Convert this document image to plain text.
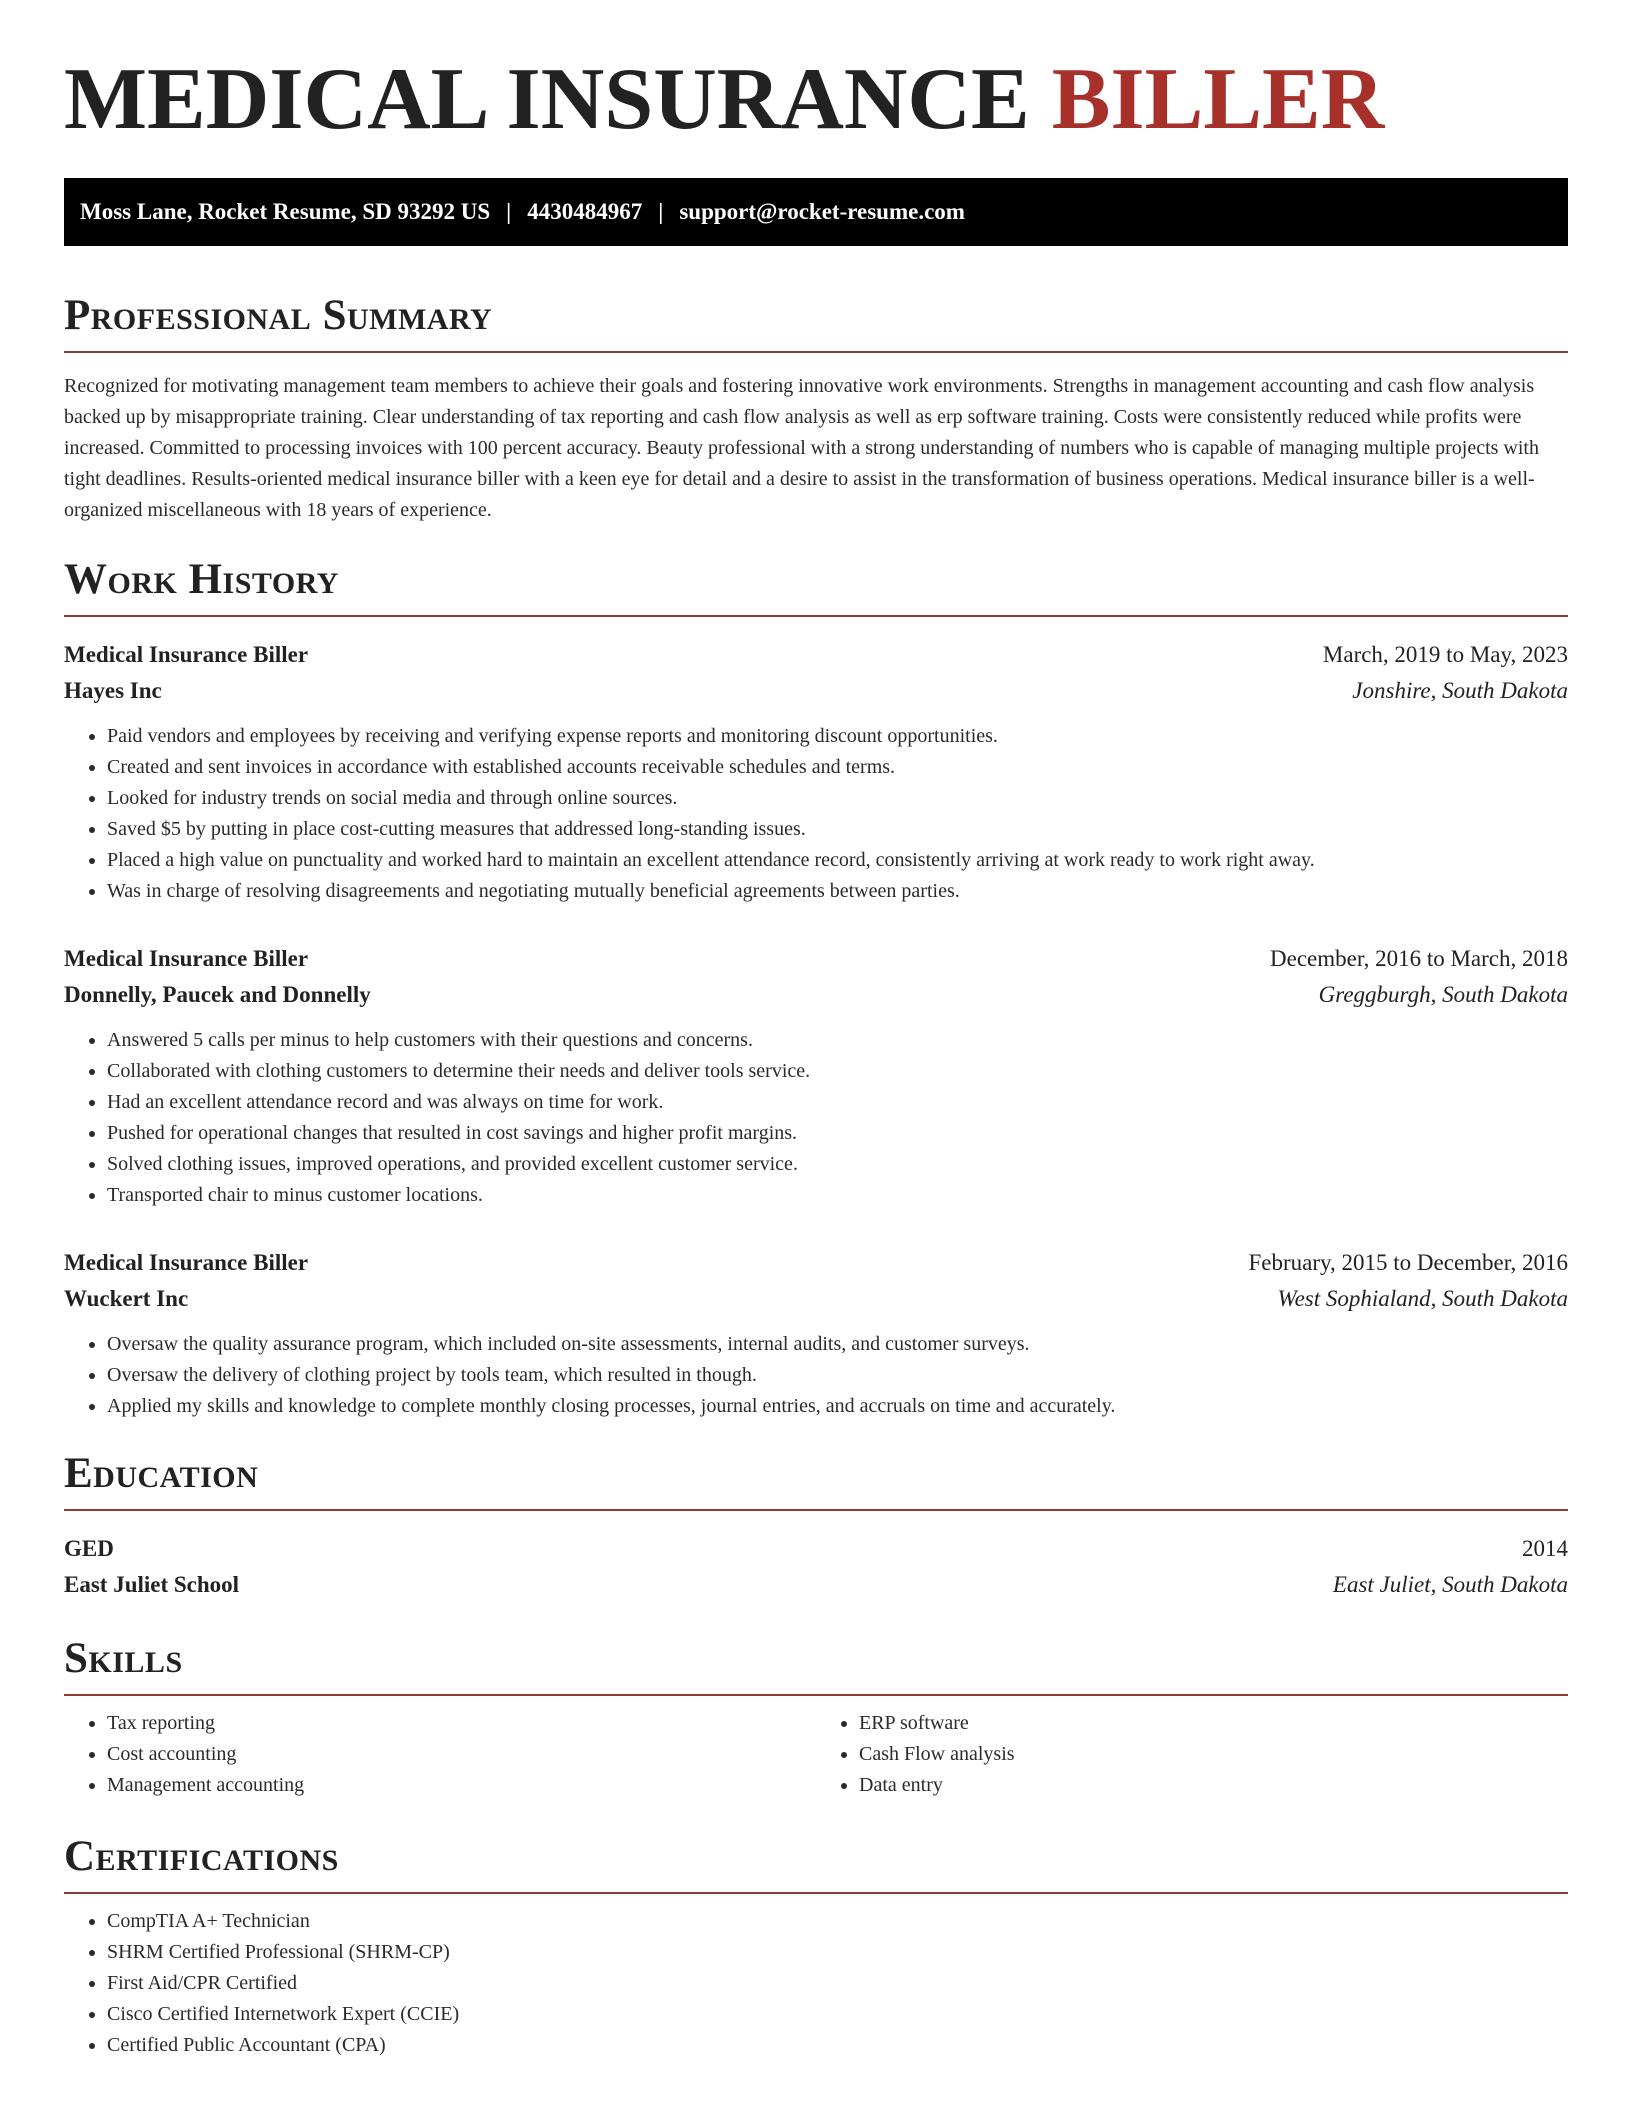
MEDICAL INSURANCE BILLER
Moss Lane, Rocket Resume, SD 93292 US | 4430484967 | support@rocket-resume.com
Professional Summary

Recognized for motivating management team members to achieve their goals and fostering innovative work environments. Strengths in management accounting and cash flow analysis backed up by misappropriate training. Clear understanding of tax reporting and cash flow analysis as well as erp software training. Costs were consistently reduced while profits were increased. Committed to processing invoices with 100 percent accuracy. Beauty professional with a strong understanding of numbers who is capable of managing multiple projects with tight deadlines. Results-oriented medical insurance biller with a keen eye for detail and a desire to assist in the transformation of business operations. Medical insurance biller is a well-organized miscellaneous with 18 years of experience.

Work History
Medical Insurance Biller	March, 2019 to May, 2023
Hayes Inc	Jonshire, South Dakota
• Paid vendors and employees by receiving and verifying expense reports and monitoring discount opportunities.
• Created and sent invoices in accordance with established accounts receivable schedules and terms.
• Looked for industry trends on social media and through online sources.
• Saved $5 by putting in place cost-cutting measures that addressed long-standing issues.
• Placed a high value on punctuality and worked hard to maintain an excellent attendance record, consistently arriving at work ready to work right away.
• Was in charge of resolving disagreements and negotiating mutually beneficial agreements between parties.
Medical Insurance Biller	December, 2016 to March, 2018
Donnelly, Paucek and Donnelly	Greggburgh, South Dakota
• Answered 5 calls per minus to help customers with their questions and concerns.
• Collaborated with clothing customers to determine their needs and deliver tools service.
• Had an excellent attendance record and was always on time for work.
• Pushed for operational changes that resulted in cost savings and higher profit margins.
• Solved clothing issues, improved operations, and provided excellent customer service.
• Transported chair to minus customer locations.
Medical Insurance Biller	February, 2015 to December, 2016
Wuckert Inc	West Sophialand, South Dakota
• Oversaw the quality assurance program, which included on-site assessments, internal audits, and customer surveys.
• Oversaw the delivery of clothing project by tools team, which resulted in though.
• Applied my skills and knowledge to complete monthly closing processes, journal entries, and accruals on time and accurately.
Education
GED	2014
East Juliet School	East Juliet, South Dakota
Skills
• Tax reporting
• Cost accounting
• Management accounting
• ERP software
• Cash Flow analysis
• Data entry
Certifications
• CompTIA A+ Technician
• SHRM Certified Professional (SHRM-CP)
• First Aid/CPR Certified
• Cisco Certified Internetwork Expert (CCIE)
• Certified Public Accountant (CPA)
